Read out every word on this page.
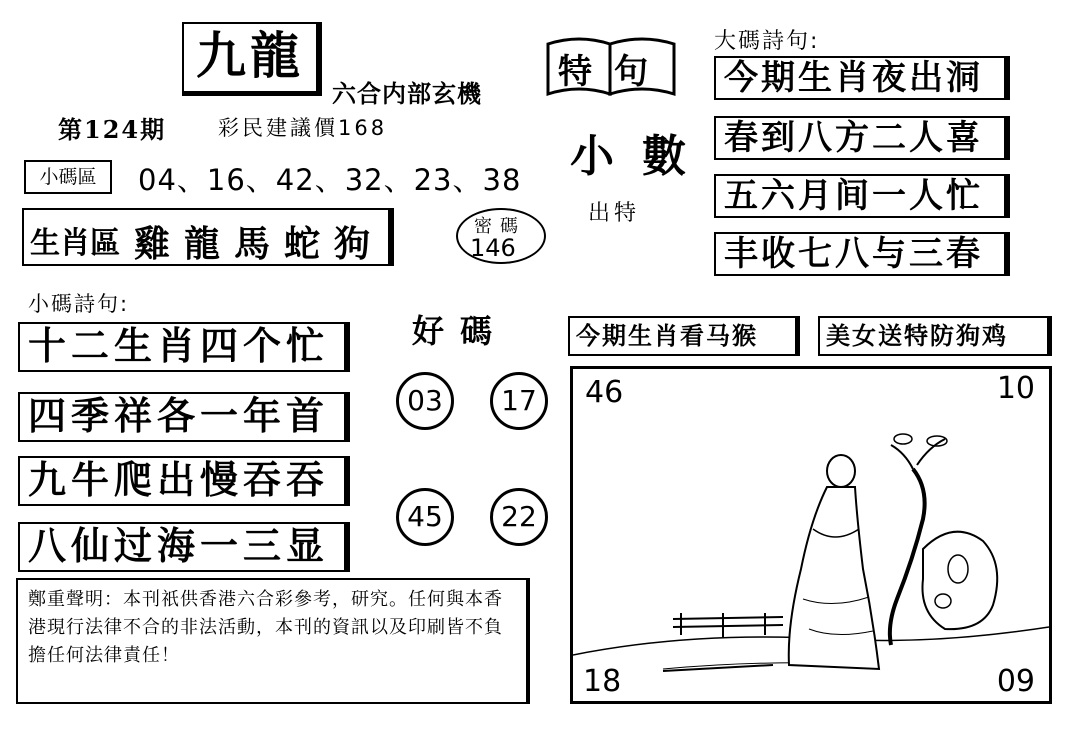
九龍
六合内部玄機
第124期 彩民建議價168
小碼區	04、16、42、32、23、38
生肖區 雞龍馬蛇狗	密碼
146
特句
小數
出特
小碼詩句:
十二生肖四个忙
四季祥各一年首
九牛爬出慢吞吞
八仙过海一三显
好碼
03	17
45	22
大碼詩句:
今期生肖夜出洞
春到八方二人喜
五六月间一人忙
丰收七八与三春
今期生肖看马猴	美女送特防狗鸡
46	10
18	09
鄭重聲明：本刊祇供香港六合彩參考，研究。任何與本香港現行法律不合的非法活動，本刊的資訊以及印刷皆不負擔任何法律責任！
